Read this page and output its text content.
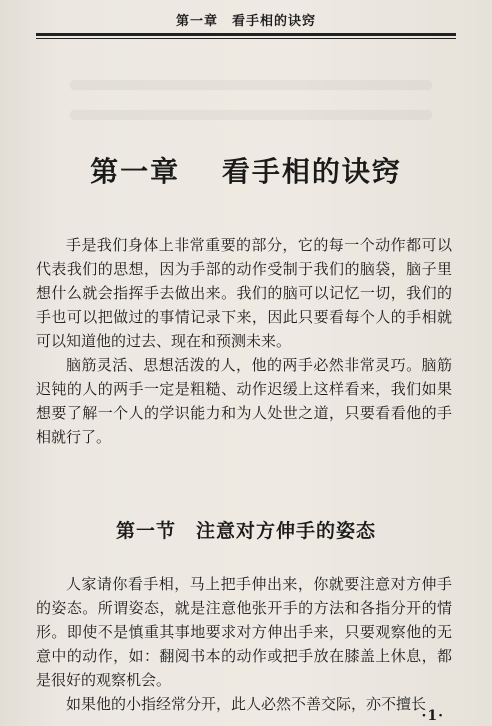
第一章　看手相的诀窍
第一章　 看手相的诀窍

手是我们身体上非常重要的部分，它的每一个动作都可以代表我们的思想，因为手部的动作受制于我们的脑袋，脑子里想什么就会指挥手去做出来。我们的脑可以记忆一切，我们的手也可以把做过的事情记录下来，因此只要看每个人的手相就可以知道他的过去、现在和预测未来。

脑筋灵活、思想活泼的人，他的两手必然非常灵巧。脑筋迟钝的人的两手一定是粗糙、动作迟缓上这样看来，我们如果想要了解一个人的学识能力和为人处世之道，只要看看他的手相就行了。

第一节　注意对方伸手的姿态

人家请你看手相，马上把手伸出来，你就要注意对方伸手的姿态。所谓姿态，就是注意他张开手的方法和各指分开的情形。即使不是慎重其事地要求对方伸出手来，只要观察他的无意中的动作，如：翻阅书本的动作或把手放在膝盖上休息，都是很好的观察机会。

如果他的小指经常分开，此人必然不善交际，亦不擅长

·1·
